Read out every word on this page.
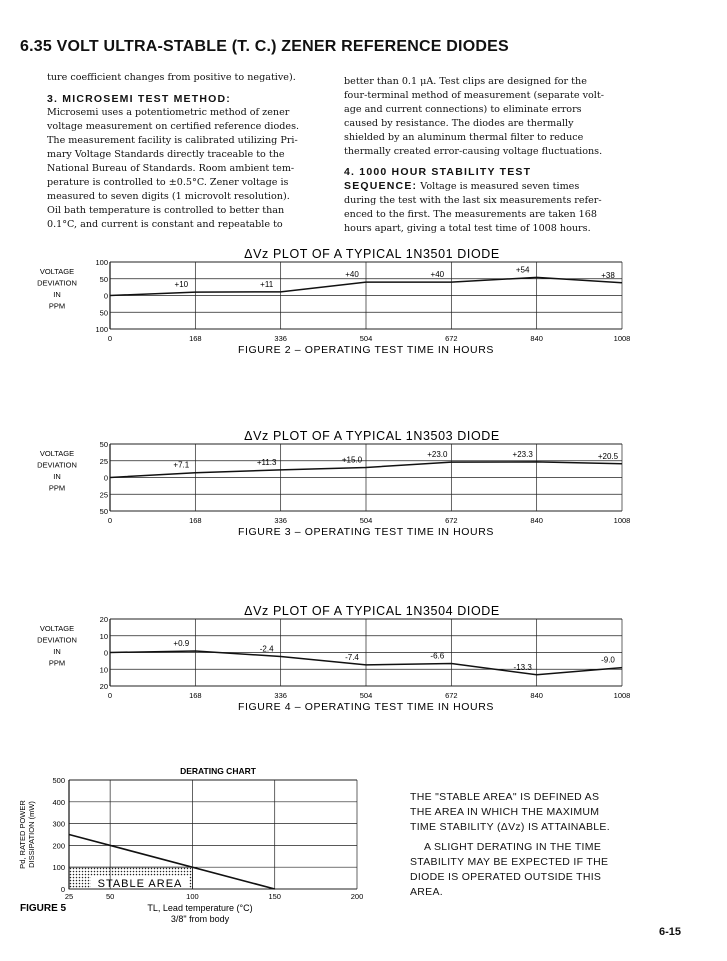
6.35 VOLT ULTRA-STABLE (T. C.) ZENER REFERENCE DIODES

ture coefficient changes from positive to negative).

3. MICROSEMI TEST METHOD:

Microsemi uses a potentiometric method of zener

voltage measurement on certified reference diodes.

The measurement facility is calibrated utilizing Pri-

mary Voltage Standards directly traceable to the

National Bureau of Standards. Room ambient tem-

perature is controlled to ±0.5°C. Zener voltage is

measured to seven digits (1 microvolt resolution).

Oil bath temperature is controlled to better than

0.1°C, and current is constant and repeatable to

better than 0.1 μA. Test clips are designed for the

four-terminal method of measurement (separate volt-

age and current connections) to eliminate errors

caused by resistance. The diodes are thermally

shielded by an aluminum thermal filter to reduce

thermally created error-causing voltage fluctuations.

4. 1000 HOUR STABILITY TEST

SEQUENCE: Voltage is measured seven times

during the test with the last six measurements refer-

enced to the first. The measurements are taken 168

hours apart, giving a total test time of 1008 hours.

ΔVz PLOT OF A TYPICAL 1N3501 DIODE
100
50
0
50
100
0	168	336	504	672	840	1008
VOLTAGE
DEVIATION
IN
PPM
+10	+11
+40	+40
+54
+38
FIGURE 2 – OPERATING TEST TIME IN HOURS
ΔVz PLOT OF A TYPICAL 1N3503 DIODE
50
25
0
25
50
0	168	336	504	672	840	1008
VOLTAGE
DEVIATION
IN
PPM
+7.1	+11.3	+15.0
+23.0	+23.3	+20.5
FIGURE 3 – OPERATING TEST TIME IN HOURS
ΔVz PLOT OF A TYPICAL 1N3504 DIODE
20
10
0
10
20
0	168	336	504	672	840	1008
VOLTAGE
DEVIATION
IN
PPM
+0.9
-2.4
-7.4	-6.6
-13.3
-9.0
FIGURE 4 – OPERATING TEST TIME IN HOURS
DERATING CHART
STABLE AREA
500
400
300
200
100
0
25	50	100	150	200
Pd, RATED POWER DISSIPATION (mW)
TL, Lead temperature (°C)
3/8" from body
FIGURE 5

THE "STABLE AREA" IS DEFINED AS

THE AREA IN WHICH THE MAXIMUM

TIME STABILITY (ΔVz) IS ATTAINABLE.

A SLIGHT DERATING IN THE TIME

STABILITY MAY BE EXPECTED IF THE

DIODE IS OPERATED OUTSIDE THIS

AREA.

6-15
